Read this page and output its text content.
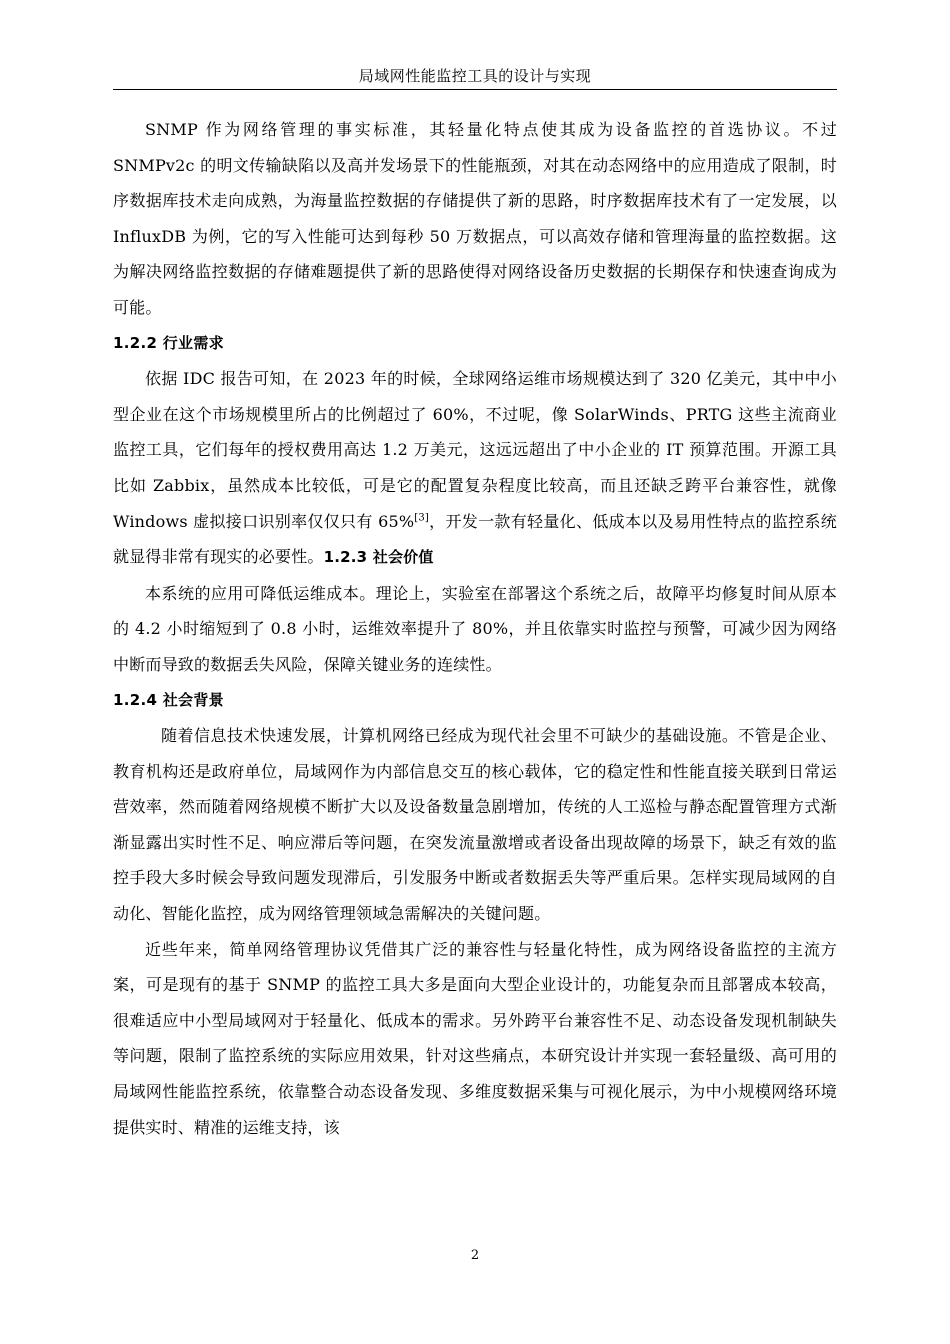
局域网性能监控工具的设计与实现

SNMP 作为网络管理的事实标准，其轻量化特点使其成为设备监控的首选协议。不过 SNMPv2c 的明文传输缺陷以及高并发场景下的性能瓶颈，对其在动态网络中的应用造成了限制，时序数据库技术走向成熟，为海量监控数据的存储提供了新的思路，时序数据库技术有了一定发展，以 InfluxDB 为例，它的写入性能可达到每秒 50 万数据点，可以高效存储和管理海量的监控数据。这为解决网络监控数据的存储难题提供了新的思路使得对网络设备历史数据的长期保存和快速查询成为可能。

1.2.2 行业需求

依据 IDC 报告可知，在 2023 年的时候，全球网络运维市场规模达到了 320 亿美元，其中中小型企业在这个市场规模里所占的比例超过了 60%，不过呢，像 SolarWinds、PRTG 这些主流商业监控工具，它们每年的授权费用高达 1.2 万美元，这远远超出了中小企业的 IT 预算范围。开源工具比如 Zabbix，虽然成本比较低，可是它的配置复杂程度比较高，而且还缺乏跨平台兼容性，就像 Windows 虚拟接口识别率仅仅只有 65%[3]，开发一款有轻量化、低成本以及易用性特点的监控系统就显得非常有现实的必要性。1.2.3 社会价值

本系统的应用可降低运维成本。理论上，实验室在部署这个系统之后，故障平均修复时间从原本的 4.2 小时缩短到了 0.8 小时，运维效率提升了 80%，并且依靠实时监控与预警，可减少因为网络中断而导致的数据丢失风险，保障关键业务的连续性。

1.2.4 社会背景

随着信息技术快速发展，计算机网络已经成为现代社会里不可缺少的基础设施。不管是企业、教育机构还是政府单位，局域网作为内部信息交互的核心载体，它的稳定性和性能直接关联到日常运营效率，然而随着网络规模不断扩大以及设备数量急剧增加，传统的人工巡检与静态配置管理方式渐渐显露出实时性不足、响应滞后等问题，在突发流量激增或者设备出现故障的场景下，缺乏有效的监控手段大多时候会导致问题发现滞后，引发服务中断或者数据丢失等严重后果。怎样实现局域网的自动化、智能化监控，成为网络管理领域急需解决的关键问题。

近些年来，简单网络管理协议凭借其广泛的兼容性与轻量化特性，成为网络设备监控的主流方案，可是现有的基于 SNMP 的监控工具大多是面向大型企业设计的，功能复杂而且部署成本较高，很难适应中小型局域网对于轻量化、低成本的需求。另外跨平台兼容性不足、动态设备发现机制缺失等问题，限制了监控系统的实际应用效果，针对这些痛点，本研究设计并实现一套轻量级、高可用的局域网性能监控系统，依靠整合动态设备发现、多维度数据采集与可视化展示，为中小规模网络环境提供实时、精准的运维支持，该

2
